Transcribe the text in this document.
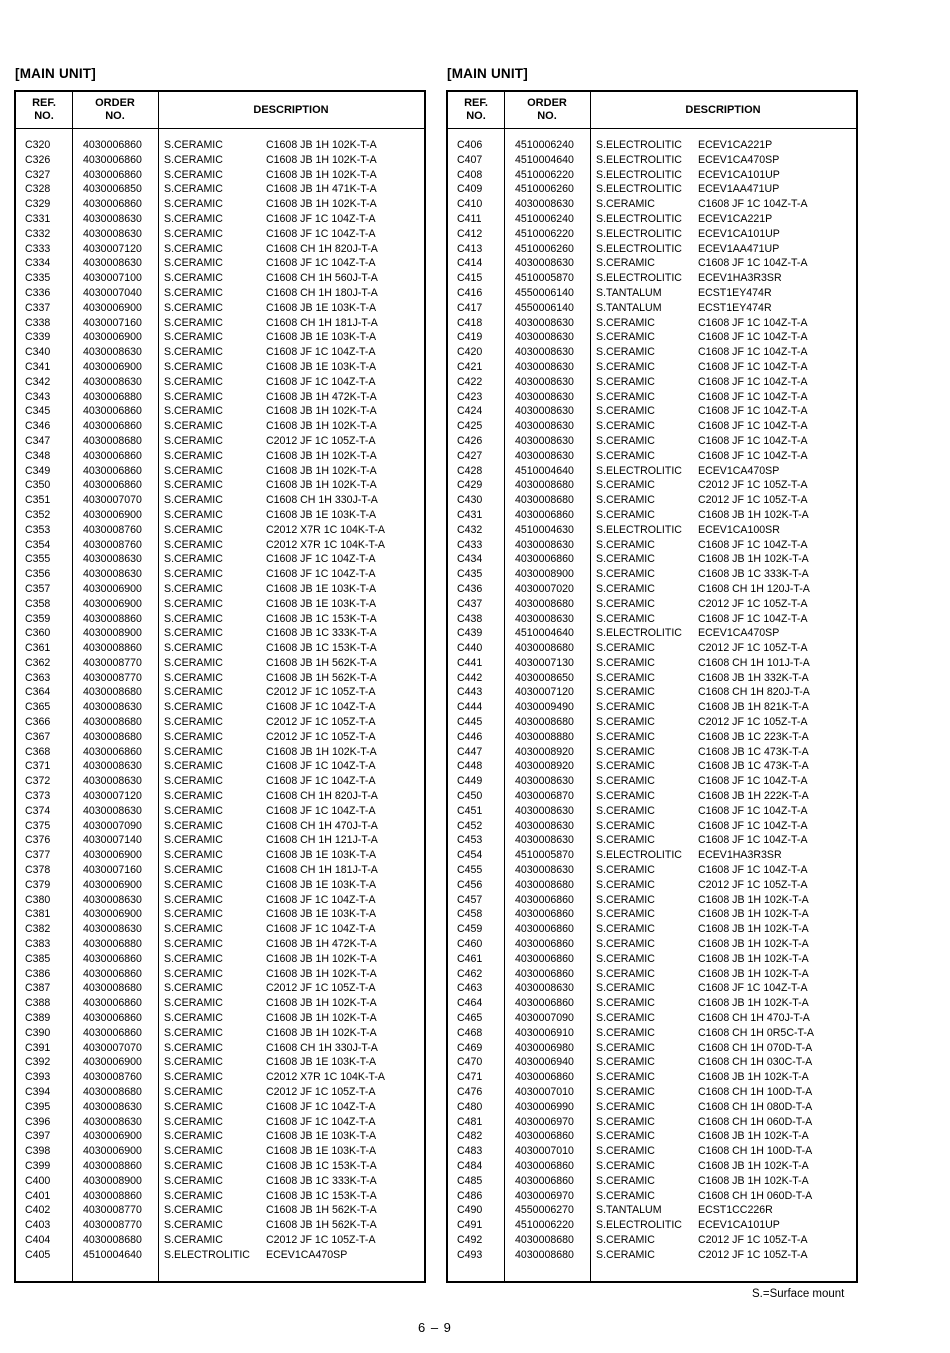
[MAIN UNIT]
REF.
NO.
ORDER
NO.
DESCRIPTION
C320	4030006860 S.CERAMIC	C1608 JB 1H 102K-T-A
C326	4030006860 S.CERAMIC	C1608 JB 1H 102K-T-A
C327	4030006860 S.CERAMIC	C1608 JB 1H 102K-T-A
C328	4030006850 S.CERAMIC	C1608 JB 1H 471K-T-A
C329	4030006860 S.CERAMIC	C1608 JB 1H 102K-T-A
C331	4030008630 S.CERAMIC	C1608 JF 1C 104Z-T-A
C332	4030008630 S.CERAMIC	C1608 JF 1C 104Z-T-A
C333	4030007120 S.CERAMIC	C1608 CH 1H 820J-T-A
C334	4030008630 S.CERAMIC	C1608 JF 1C 104Z-T-A
C335	4030007100 S.CERAMIC	C1608 CH 1H 560J-T-A
C336	4030007040 S.CERAMIC	C1608 CH 1H 180J-T-A
C337	4030006900 S.CERAMIC	C1608 JB 1E 103K-T-A
C338	4030007160 S.CERAMIC	C1608 CH 1H 181J-T-A
C339	4030006900 S.CERAMIC	C1608 JB 1E 103K-T-A
C340	4030008630 S.CERAMIC	C1608 JF 1C 104Z-T-A
C341	4030006900 S.CERAMIC	C1608 JB 1E 103K-T-A
C342	4030008630 S.CERAMIC	C1608 JF 1C 104Z-T-A
C343	4030006880 S.CERAMIC	C1608 JB 1H 472K-T-A
C345	4030006860 S.CERAMIC	C1608 JB 1H 102K-T-A
C346	4030006860 S.CERAMIC	C1608 JB 1H 102K-T-A
C347	4030008680 S.CERAMIC	C2012 JF 1C 105Z-T-A
C348	4030006860 S.CERAMIC	C1608 JB 1H 102K-T-A
C349	4030006860 S.CERAMIC	C1608 JB 1H 102K-T-A
C350	4030006860 S.CERAMIC	C1608 JB 1H 102K-T-A
C351	4030007070 S.CERAMIC	C1608 CH 1H 330J-T-A
C352	4030006900 S.CERAMIC	C1608 JB 1E 103K-T-A
C353	4030008760 S.CERAMIC	C2012 X7R 1C 104K-T-A
C354	4030008760 S.CERAMIC	C2012 X7R 1C 104K-T-A
C355	4030008630 S.CERAMIC	C1608 JF 1C 104Z-T-A
C356	4030008630 S.CERAMIC	C1608 JF 1C 104Z-T-A
C357	4030006900 S.CERAMIC	C1608 JB 1E 103K-T-A
C358	4030006900 S.CERAMIC	C1608 JB 1E 103K-T-A
C359	4030008860 S.CERAMIC	C1608 JB 1C 153K-T-A
C360	4030008900 S.CERAMIC	C1608 JB 1C 333K-T-A
C361	4030008860 S.CERAMIC	C1608 JB 1C 153K-T-A
C362	4030008770 S.CERAMIC	C1608 JB 1H 562K-T-A
C363	4030008770 S.CERAMIC	C1608 JB 1H 562K-T-A
C364	4030008680 S.CERAMIC	C2012 JF 1C 105Z-T-A
C365	4030008630 S.CERAMIC	C1608 JF 1C 104Z-T-A
C366	4030008680 S.CERAMIC	C2012 JF 1C 105Z-T-A
C367	4030008680 S.CERAMIC	C2012 JF 1C 105Z-T-A
C368	4030006860 S.CERAMIC	C1608 JB 1H 102K-T-A
C371	4030008630 S.CERAMIC	C1608 JF 1C 104Z-T-A
C372	4030008630 S.CERAMIC	C1608 JF 1C 104Z-T-A
C373	4030007120 S.CERAMIC	C1608 CH 1H 820J-T-A
C374	4030008630 S.CERAMIC	C1608 JF 1C 104Z-T-A
C375	4030007090 S.CERAMIC	C1608 CH 1H 470J-T-A
C376	4030007140 S.CERAMIC	C1608 CH 1H 121J-T-A
C377	4030006900 S.CERAMIC	C1608 JB 1E 103K-T-A
C378	4030007160 S.CERAMIC	C1608 CH 1H 181J-T-A
C379	4030006900 S.CERAMIC	C1608 JB 1E 103K-T-A
C380	4030008630 S.CERAMIC	C1608 JF 1C 104Z-T-A
C381	4030006900 S.CERAMIC	C1608 JB 1E 103K-T-A
C382	4030008630 S.CERAMIC	C1608 JF 1C 104Z-T-A
C383	4030006880 S.CERAMIC	C1608 JB 1H 472K-T-A
C385	4030006860 S.CERAMIC	C1608 JB 1H 102K-T-A
C386	4030006860 S.CERAMIC	C1608 JB 1H 102K-T-A
C387	4030008680 S.CERAMIC	C2012 JF 1C 105Z-T-A
C388	4030006860 S.CERAMIC	C1608 JB 1H 102K-T-A
C389	4030006860 S.CERAMIC	C1608 JB 1H 102K-T-A
C390	4030006860 S.CERAMIC	C1608 JB 1H 102K-T-A
C391	4030007070 S.CERAMIC	C1608 CH 1H 330J-T-A
C392	4030006900 S.CERAMIC	C1608 JB 1E 103K-T-A
C393	4030008760 S.CERAMIC	C2012 X7R 1C 104K-T-A
C394	4030008680 S.CERAMIC	C2012 JF 1C 105Z-T-A
C395	4030008630 S.CERAMIC	C1608 JF 1C 104Z-T-A
C396	4030008630 S.CERAMIC	C1608 JF 1C 104Z-T-A
C397	4030006900 S.CERAMIC	C1608 JB 1E 103K-T-A
C398	4030006900 S.CERAMIC	C1608 JB 1E 103K-T-A
C399	4030008860 S.CERAMIC	C1608 JB 1C 153K-T-A
C400	4030008900 S.CERAMIC	C1608 JB 1C 333K-T-A
C401	4030008860 S.CERAMIC	C1608 JB 1C 153K-T-A
C402	4030008770 S.CERAMIC	C1608 JB 1H 562K-T-A
C403	4030008770 S.CERAMIC	C1608 JB 1H 562K-T-A
C404	4030008680 S.CERAMIC	C2012 JF 1C 105Z-T-A
C405	4510004640 S.ELECTROLITIC ECEV1CA470SP
[MAIN UNIT]
REF.
NO.
ORDER
NO.
DESCRIPTION
C406	4510006240 S.ELECTROLITIC ECEV1CA221P
C407	4510004640 S.ELECTROLITIC ECEV1CA470SP
C408	4510006220 S.ELECTROLITIC ECEV1CA101UP
C409	4510006260 S.ELECTROLITIC ECEV1AA471UP
C410	4030008630 S.CERAMIC	C1608 JF 1C 104Z-T-A
C411	4510006240 S.ELECTROLITIC ECEV1CA221P
C412	4510006220 S.ELECTROLITIC ECEV1CA101UP
C413	4510006260 S.ELECTROLITIC ECEV1AA471UP
C414	4030008630 S.CERAMIC	C1608 JF 1C 104Z-T-A
C415	4510005870 S.ELECTROLITIC ECEV1HA3R3SR
C416	4550006140 S.TANTALUM	ECST1EY474R
C417	4550006140 S.TANTALUM	ECST1EY474R
C418	4030008630 S.CERAMIC	C1608 JF 1C 104Z-T-A
C419	4030008630 S.CERAMIC	C1608 JF 1C 104Z-T-A
C420	4030008630 S.CERAMIC	C1608 JF 1C 104Z-T-A
C421	4030008630 S.CERAMIC	C1608 JF 1C 104Z-T-A
C422	4030008630 S.CERAMIC	C1608 JF 1C 104Z-T-A
C423	4030008630 S.CERAMIC	C1608 JF 1C 104Z-T-A
C424	4030008630 S.CERAMIC	C1608 JF 1C 104Z-T-A
C425	4030008630 S.CERAMIC	C1608 JF 1C 104Z-T-A
C426	4030008630 S.CERAMIC	C1608 JF 1C 104Z-T-A
C427	4030008630 S.CERAMIC	C1608 JF 1C 104Z-T-A
C428	4510004640 S.ELECTROLITIC ECEV1CA470SP
C429	4030008680 S.CERAMIC	C2012 JF 1C 105Z-T-A
C430	4030008680 S.CERAMIC	C2012 JF 1C 105Z-T-A
C431	4030006860 S.CERAMIC	C1608 JB 1H 102K-T-A
C432	4510004630 S.ELECTROLITIC ECEV1CA100SR
C433	4030008630 S.CERAMIC	C1608 JF 1C 104Z-T-A
C434	4030006860 S.CERAMIC	C1608 JB 1H 102K-T-A
C435	4030008900 S.CERAMIC	C1608 JB 1C 333K-T-A
C436	4030007020 S.CERAMIC	C1608 CH 1H 120J-T-A
C437	4030008680 S.CERAMIC	C2012 JF 1C 105Z-T-A
C438	4030008630 S.CERAMIC	C1608 JF 1C 104Z-T-A
C439	4510004640 S.ELECTROLITIC ECEV1CA470SP
C440	4030008680 S.CERAMIC	C2012 JF 1C 105Z-T-A
C441	4030007130 S.CERAMIC	C1608 CH 1H 101J-T-A
C442	4030008650 S.CERAMIC	C1608 JB 1H 332K-T-A
C443	4030007120 S.CERAMIC	C1608 CH 1H 820J-T-A
C444	4030009490 S.CERAMIC	C1608 JB 1H 821K-T-A
C445	4030008680 S.CERAMIC	C2012 JF 1C 105Z-T-A
C446	4030008880 S.CERAMIC	C1608 JB 1C 223K-T-A
C447	4030008920 S.CERAMIC	C1608 JB 1C 473K-T-A
C448	4030008920 S.CERAMIC	C1608 JB 1C 473K-T-A
C449	4030008630 S.CERAMIC	C1608 JF 1C 104Z-T-A
C450	4030006870 S.CERAMIC	C1608 JB 1H 222K-T-A
C451	4030008630 S.CERAMIC	C1608 JF 1C 104Z-T-A
C452	4030008630 S.CERAMIC	C1608 JF 1C 104Z-T-A
C453	4030008630 S.CERAMIC	C1608 JF 1C 104Z-T-A
C454	4510005870 S.ELECTROLITIC ECEV1HA3R3SR
C455	4030008630 S.CERAMIC	C1608 JF 1C 104Z-T-A
C456	4030008680 S.CERAMIC	C2012 JF 1C 105Z-T-A
C457	4030006860 S.CERAMIC	C1608 JB 1H 102K-T-A
C458	4030006860 S.CERAMIC	C1608 JB 1H 102K-T-A
C459	4030006860 S.CERAMIC	C1608 JB 1H 102K-T-A
C460	4030006860 S.CERAMIC	C1608 JB 1H 102K-T-A
C461	4030006860 S.CERAMIC	C1608 JB 1H 102K-T-A
C462	4030006860 S.CERAMIC	C1608 JB 1H 102K-T-A
C463	4030008630 S.CERAMIC	C1608 JF 1C 104Z-T-A
C464	4030006860 S.CERAMIC	C1608 JB 1H 102K-T-A
C465	4030007090 S.CERAMIC	C1608 CH 1H 470J-T-A
C468	4030006910 S.CERAMIC	C1608 CH 1H 0R5C-T-A
C469	4030006980 S.CERAMIC	C1608 CH 1H 070D-T-A
C470	4030006940 S.CERAMIC	C1608 CH 1H 030C-T-A
C471	4030006860 S.CERAMIC	C1608 JB 1H 102K-T-A
C476	4030007010 S.CERAMIC	C1608 CH 1H 100D-T-A
C480	4030006990 S.CERAMIC	C1608 CH 1H 080D-T-A
C481	4030006970 S.CERAMIC	C1608 CH 1H 060D-T-A
C482	4030006860 S.CERAMIC	C1608 JB 1H 102K-T-A
C483	4030007010 S.CERAMIC	C1608 CH 1H 100D-T-A
C484	4030006860 S.CERAMIC	C1608 JB 1H 102K-T-A
C485	4030006860 S.CERAMIC	C1608 JB 1H 102K-T-A
C486	4030006970 S.CERAMIC	C1608 CH 1H 060D-T-A
C490	4550006270 S.TANTALUM	ECST1CC226R
C491	4510006220 S.ELECTROLITIC ECEV1CA101UP
C492	4030008680 S.CERAMIC	C2012 JF 1C 105Z-T-A
C493	4030008680 S.CERAMIC	C2012 JF 1C 105Z-T-A
S.=Surface mount
6 – 9
